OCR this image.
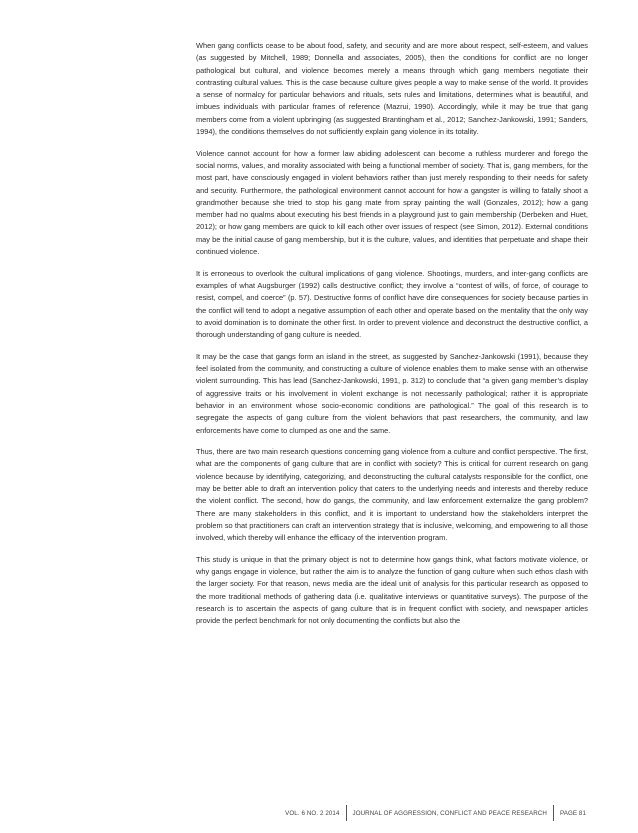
When gang conflicts cease to be about food, safety, and security and are more about respect, self-esteem, and values (as suggested by Mitchell, 1989; Donnella and associates, 2005), then the conditions for conflict are no longer pathological but cultural, and violence becomes merely a means through which gang members negotiate their contrasting cultural values. This is the case because culture gives people a way to make sense of the world. It provides a sense of normalcy for particular behaviors and rituals, sets rules and limitations, determines what is beautiful, and imbues individuals with particular frames of reference (Mazrui, 1990). Accordingly, while it may be true that gang members come from a violent upbringing (as suggested Brantingham et al., 2012; Sanchez-Jankowski, 1991; Sanders, 1994), the conditions themselves do not sufficiently explain gang violence in its totality.

Violence cannot account for how a former law abiding adolescent can become a ruthless murderer and forego the social norms, values, and morality associated with being a functional member of society. That is, gang members, for the most part, have consciously engaged in violent behaviors rather than just merely responding to their needs for safety and security. Furthermore, the pathological environment cannot account for how a gangster is willing to fatally shoot a grandmother because she tried to stop his gang mate from spray painting the wall (Gonzales, 2012); how a gang member had no qualms about executing his best friends in a playground just to gain membership (Derbeken and Huet, 2012); or how gang members are quick to kill each other over issues of respect (see Simon, 2012). External conditions may be the initial cause of gang membership, but it is the culture, values, and identities that perpetuate and shape their continued violence.

It is erroneous to overlook the cultural implications of gang violence. Shootings, murders, and inter-gang conflicts are examples of what Augsburger (1992) calls destructive conflict; they involve a “contest of wills, of force, of courage to resist, compel, and coerce” (p. 57). Destructive forms of conflict have dire consequences for society because parties in the conflict will tend to adopt a negative assumption of each other and operate based on the mentality that the only way to avoid domination is to dominate the other first. In order to prevent violence and deconstruct the destructive conflict, a thorough understanding of gang culture is needed.

It may be the case that gangs form an island in the street, as suggested by Sanchez-Jankowski (1991), because they feel isolated from the community, and constructing a culture of violence enables them to make sense with an otherwise violent surrounding. This has lead (Sanchez-Jankowski, 1991, p. 312) to conclude that “a given gang member’s display of aggressive traits or his involvement in violent exchange is not necessarily pathological; rather it is appropriate behavior in an environment whose socio-economic conditions are pathological.” The goal of this research is to segregate the aspects of gang culture from the violent behaviors that past researchers, the community, and law enforcements have come to clumped as one and the same.

Thus, there are two main research questions concerning gang violence from a culture and conflict perspective. The first, what are the components of gang culture that are in conflict with society? This is critical for current research on gang violence because by identifying, categorizing, and deconstructing the cultural catalysts responsible for the conflict, one may be better able to draft an intervention policy that caters to the underlying needs and interests and thereby reduce the violent conflict. The second, how do gangs, the community, and law enforcement externalize the gang problem? There are many stakeholders in this conflict, and it is important to understand how the stakeholders interpret the problem so that practitioners can craft an intervention strategy that is inclusive, welcoming, and empowering to all those involved, which thereby will enhance the efficacy of the intervention program.

This study is unique in that the primary object is not to determine how gangs think, what factors motivate violence, or why gangs engage in violence, but rather the aim is to analyze the function of gang culture when such ethos clash with the larger society. For that reason, news media are the ideal unit of analysis for this particular research as opposed to the more traditional methods of gathering data (i.e. qualitative interviews or quantitative surveys). The purpose of the research is to ascertain the aspects of gang culture that is in frequent conflict with society, and newspaper articles provide the perfect benchmark for not only documenting the conflicts but also the

VOL. 6 NO. 2 2014 JOURNAL OF AGGRESSION, CONFLICT AND PEACE RESEARCH PAGE 81
